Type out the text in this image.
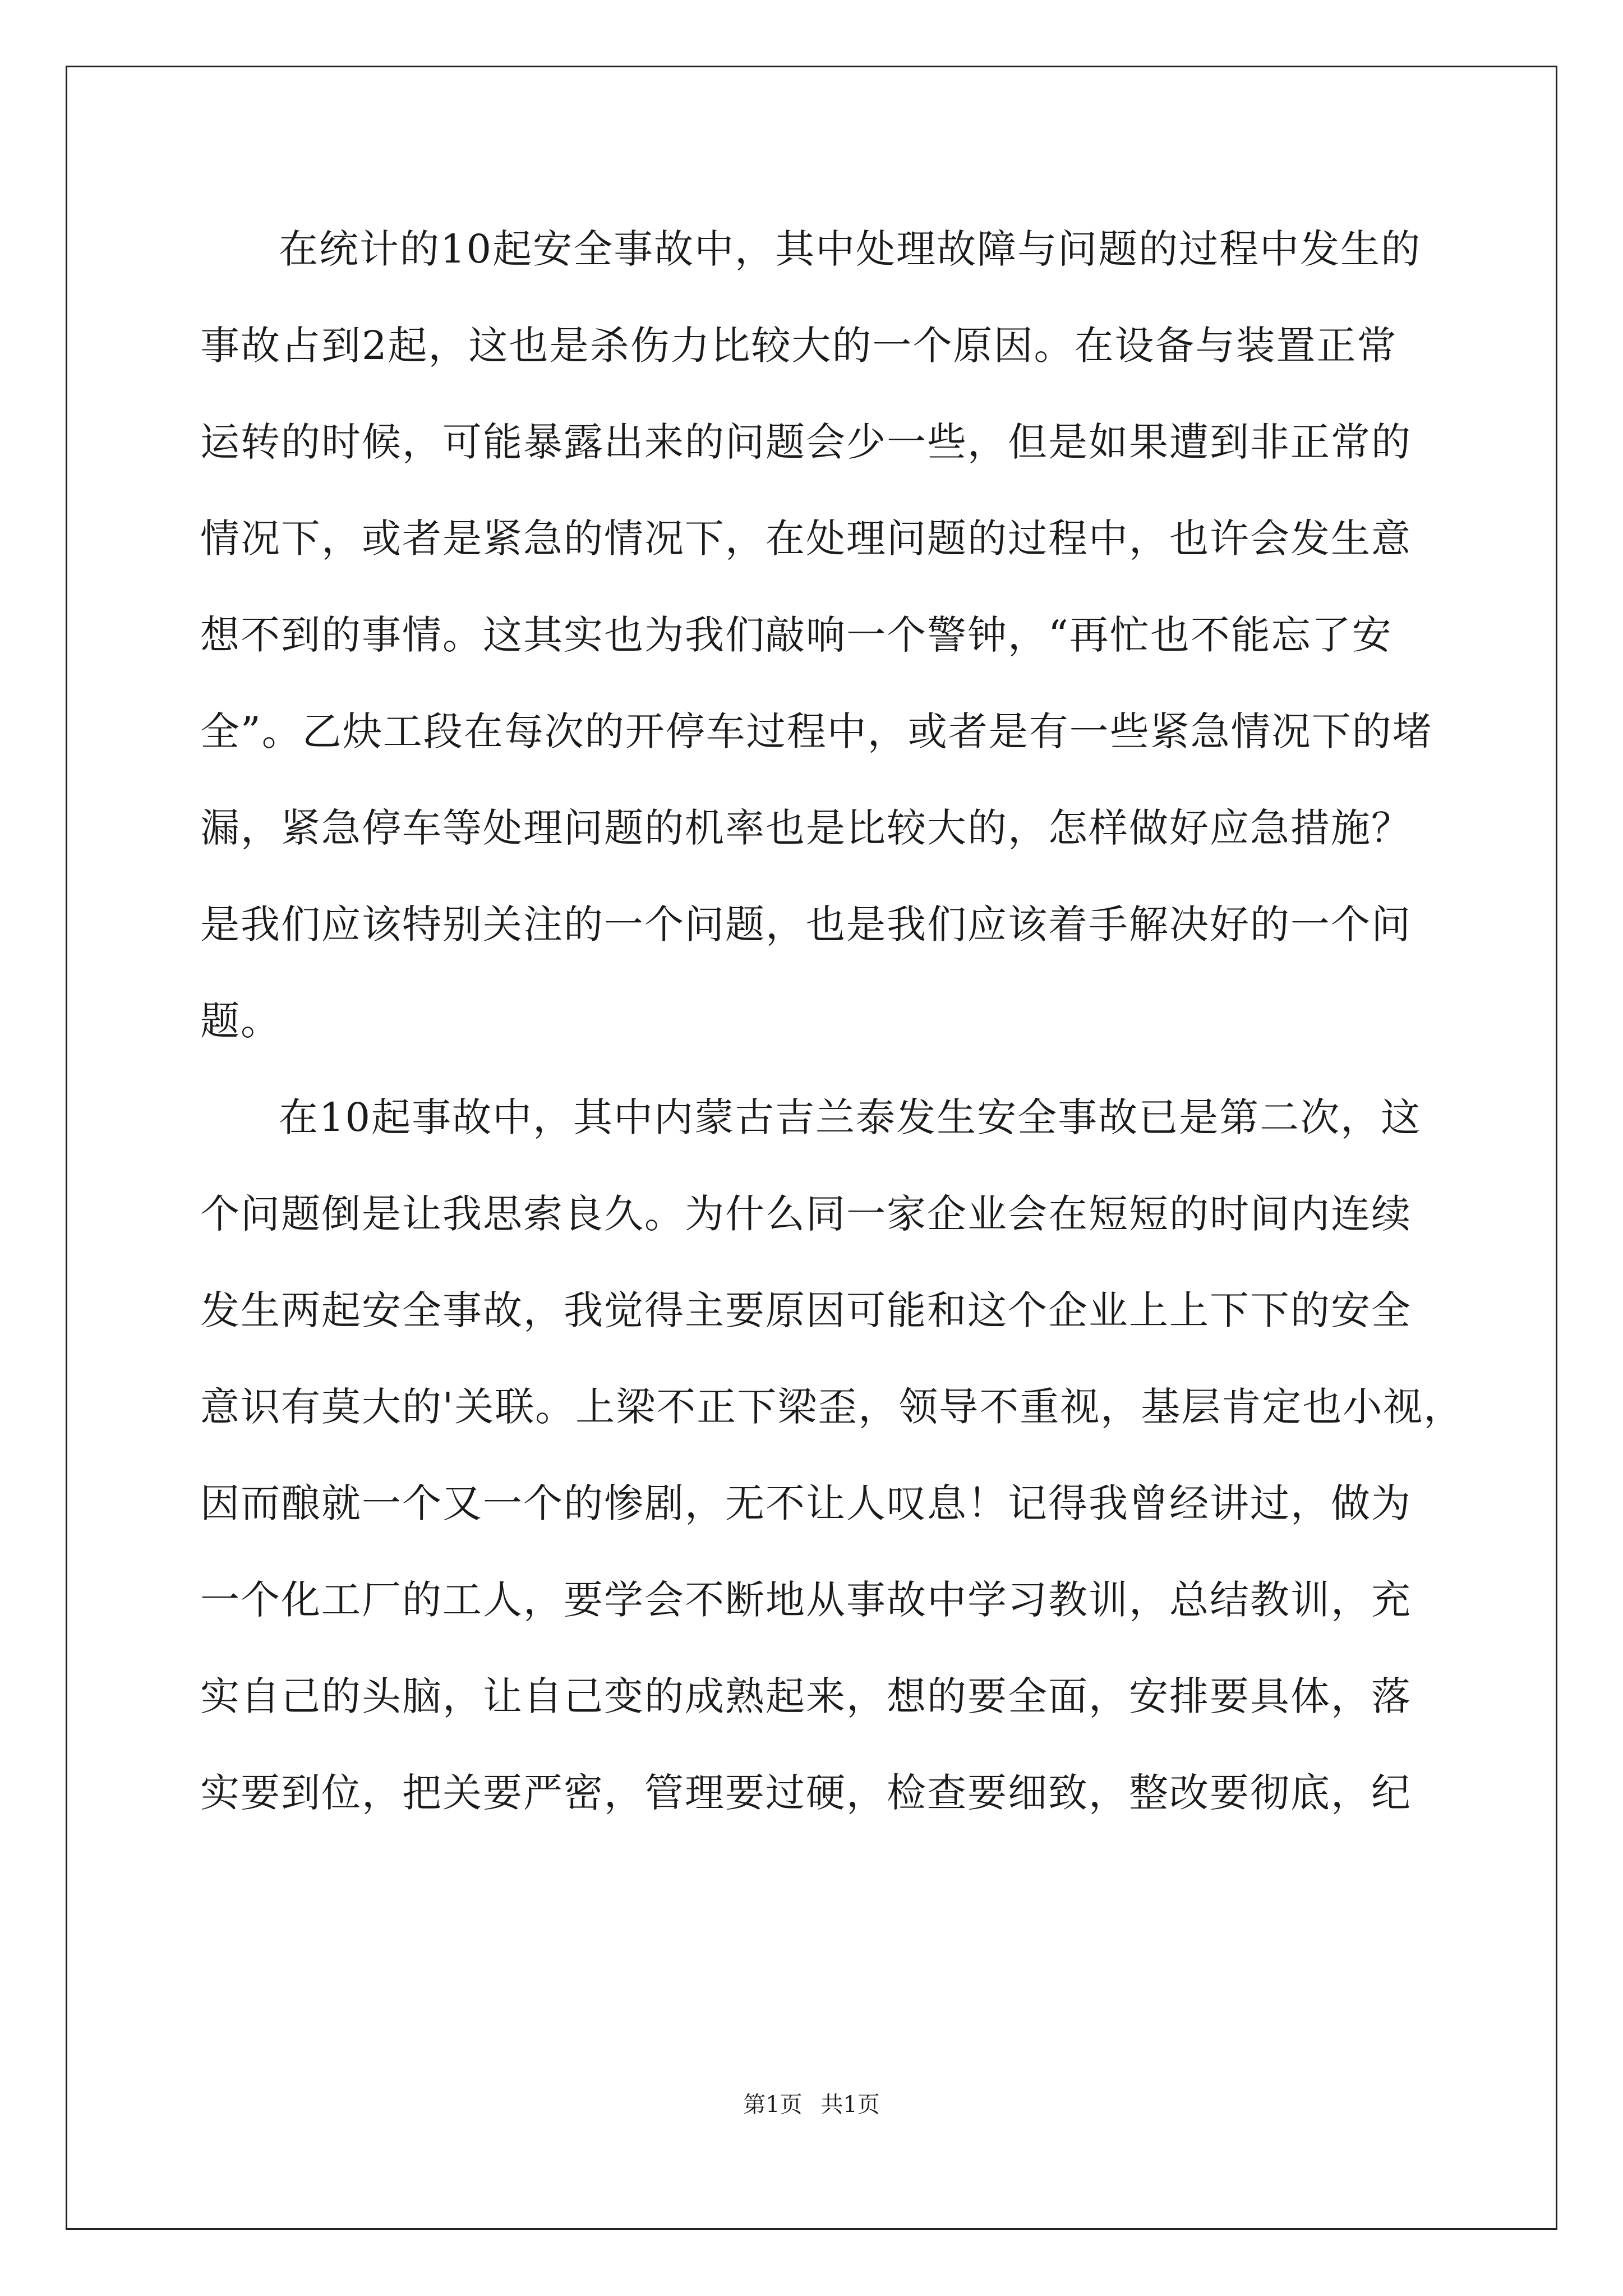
在统计的10起安全事故中，其中处理故障与问题的过程中发生的
事故占到2起，这也是杀伤力比较大的一个原因。在设备与装置正常
运转的时候，可能暴露出来的问题会少一些，但是如果遭到非正常的
情况下，或者是紧急的情况下，在处理问题的过程中，也许会发生意
想不到的事情。这其实也为我们敲响一个警钟，“再忙也不能忘了安
全”。乙炔工段在每次的开停车过程中，或者是有一些紧急情况下的堵
漏，紧急停车等处理问题的机率也是比较大的，怎样做好应急措施？
是我们应该特别关注的一个问题，也是我们应该着手解决好的一个问
题。
在10起事故中，其中内蒙古吉兰泰发生安全事故已是第二次，这
个问题倒是让我思索良久。为什么同一家企业会在短短的时间内连续
发生两起安全事故，我觉得主要原因可能和这个企业上上下下的安全
意识有莫大的'关联。上梁不正下梁歪，领导不重视，基层肯定也小视，
因而酿就一个又一个的惨剧，无不让人叹息！记得我曾经讲过，做为
一个化工厂的工人，要学会不断地从事故中学习教训，总结教训，充
实自己的头脑，让自己变的成熟起来，想的要全面，安排要具体，落
实要到位，把关要严密，管理要过硬，检查要细致，整改要彻底，纪
第1页 共1页
